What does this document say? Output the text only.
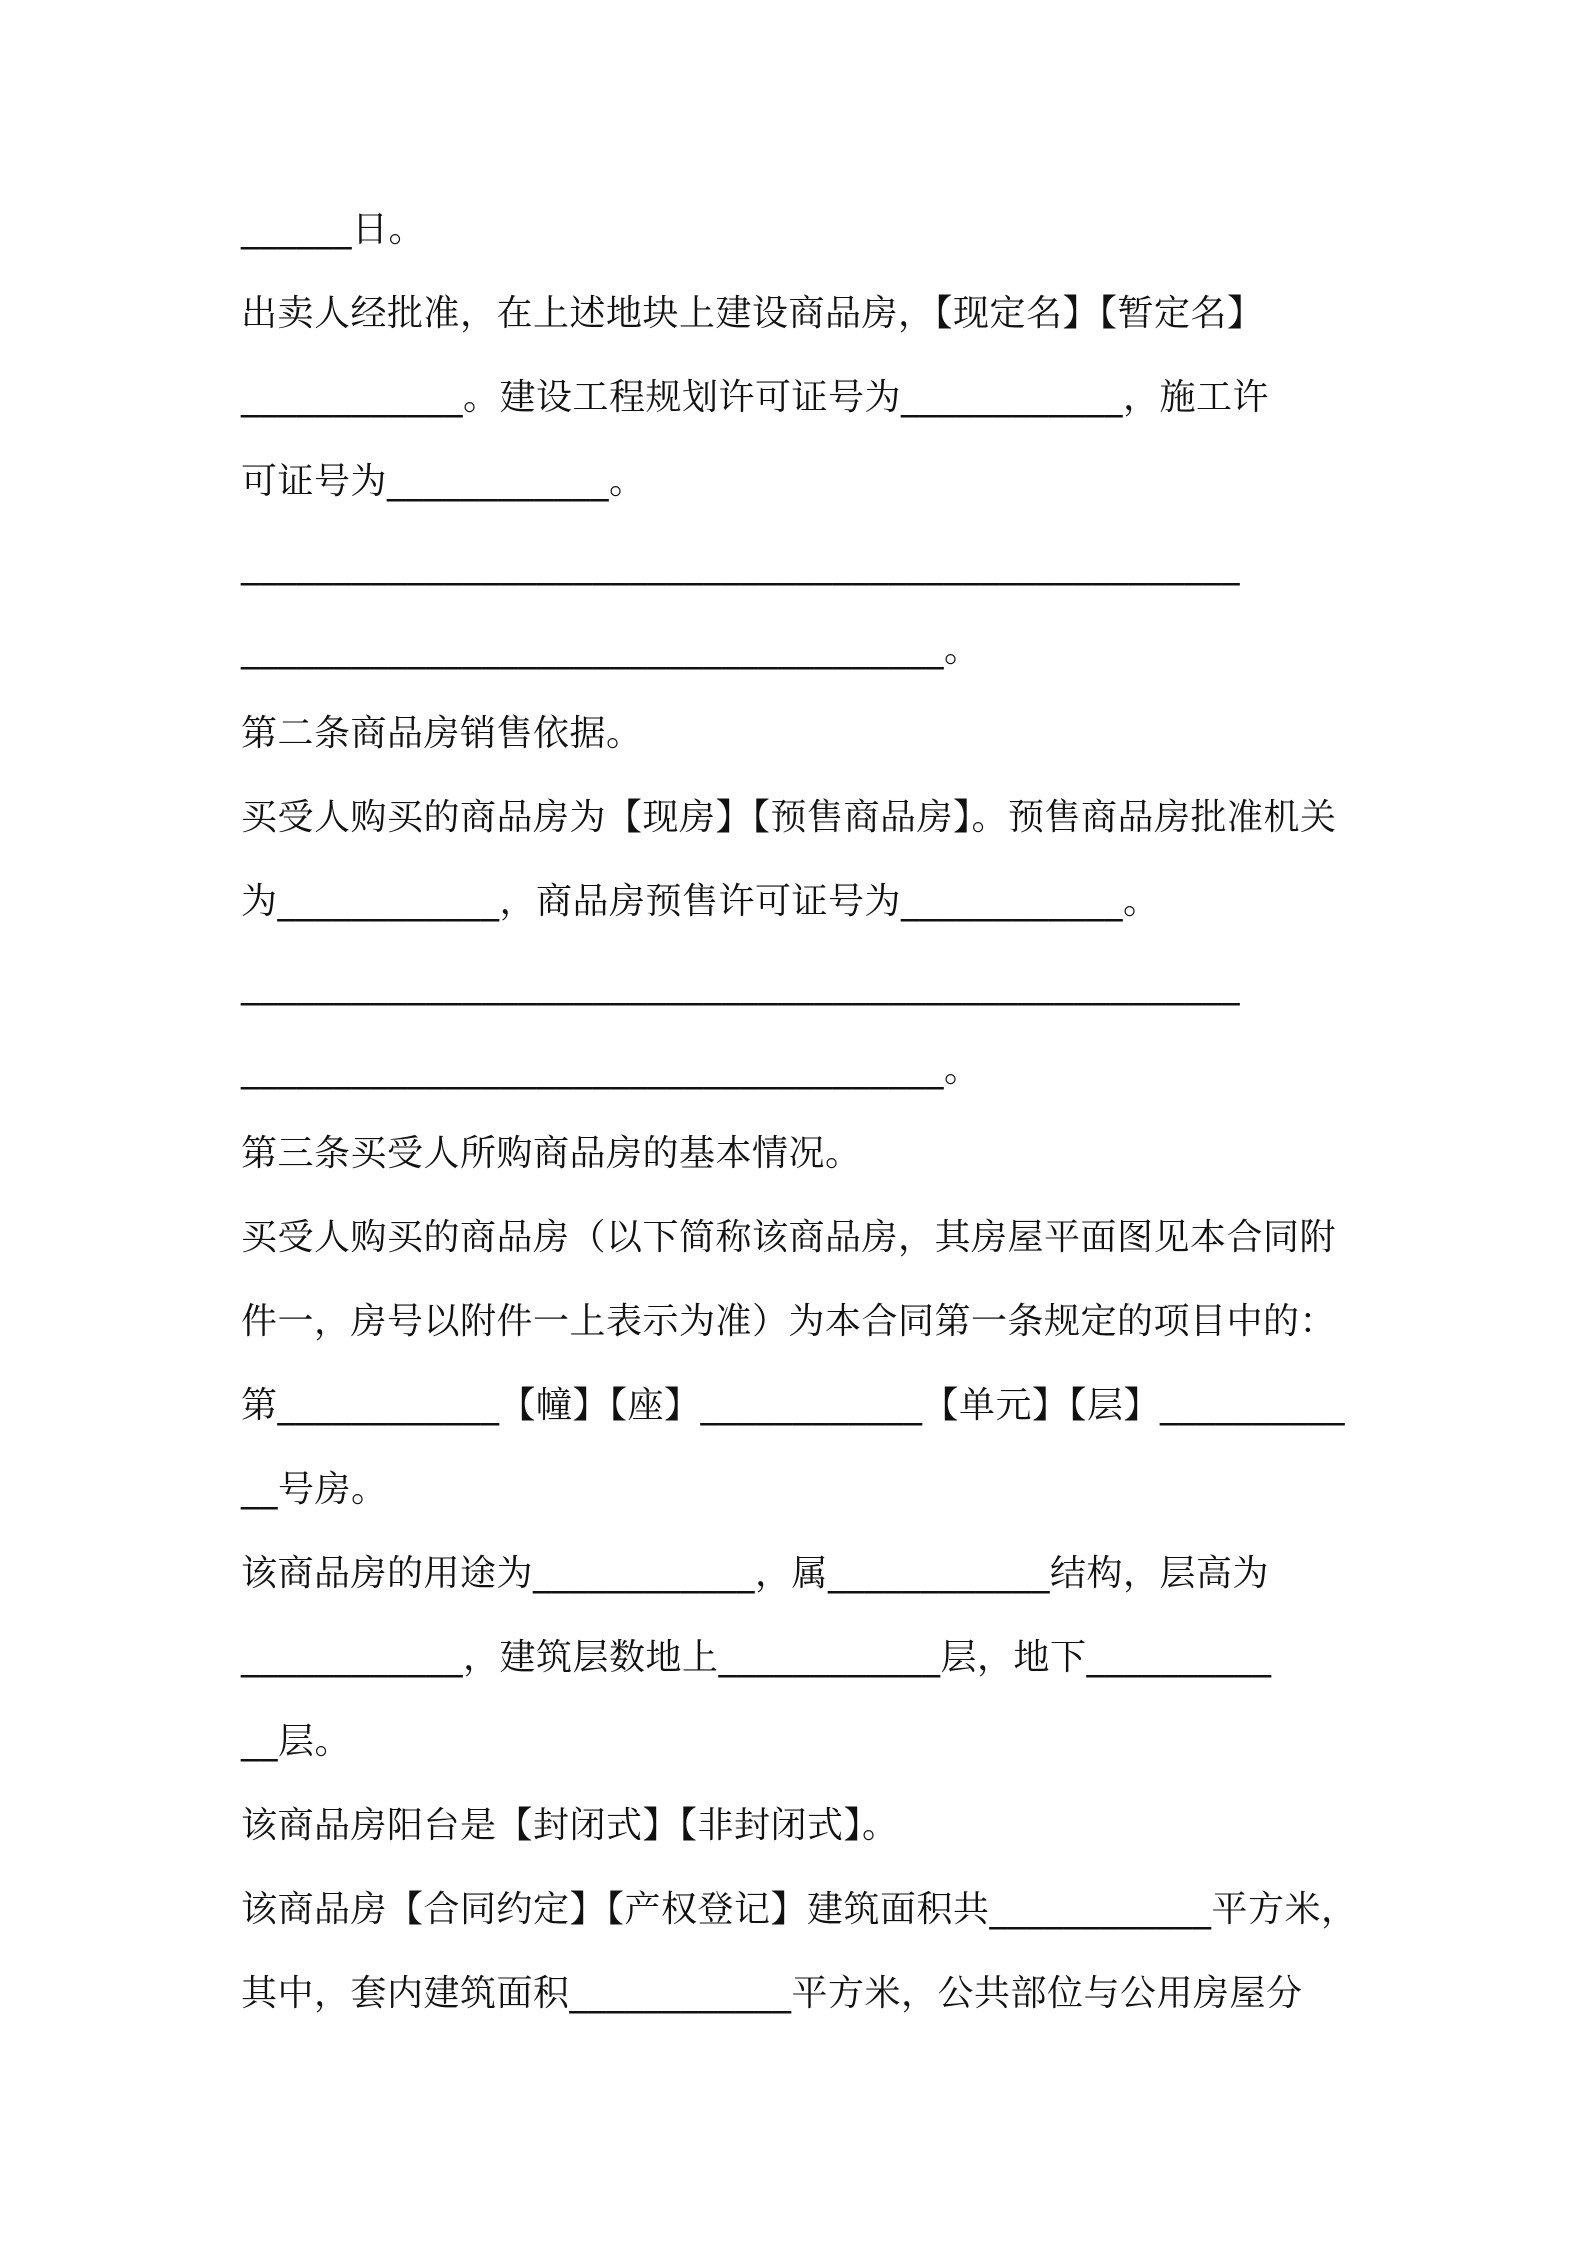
______日。
出卖人经批准，在上述地块上建设商品房，【现定名】【暂定名】
____________。建设工程规划许可证号为____________，施工许
可证号为____________。
______________________________________________________
______________________________________。
第二条商品房销售依据。
买受人购买的商品房为【现房】【预售商品房】。预售商品房批准机关
为____________，商品房预售许可证号为____________。
______________________________________________________
______________________________________。
第三条买受人所购商品房的基本情况。
买受人购买的商品房（以下简称该商品房，其房屋平面图见本合同附
件一，房号以附件一上表示为准）为本合同第一条规定的项目中的：
第____________【幢】【座】____________【单元】【层】__________
__号房。
该商品房的用途为____________，属____________结构，层高为
____________，建筑层数地上____________层，地下__________
__层。
该商品房阳台是【封闭式】【非封闭式】。
该商品房【合同约定】【产权登记】建筑面积共____________平方米，
其中，套内建筑面积____________平方米，公共部位与公用房屋分
